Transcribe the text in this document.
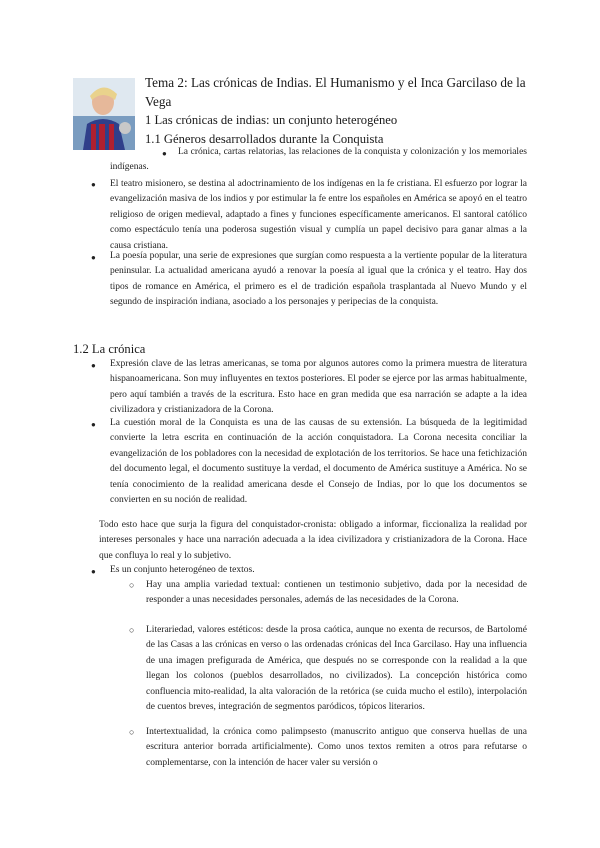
Tema 2: Las crónicas de Indias. El Humanismo y el Inca Garcilaso de la Vega
1 Las crónicas de indias: un conjunto heterogéneo
1.1 Géneros desarrollados durante la Conquista
●	La crónica, cartas relatorias, las relaciones de la conquista y colonización y los memoriales indígenas.
● El teatro misionero, se destina al adoctrinamiento de los indígenas en la fe cristiana. El esfuerzo por lograr la evangelización masiva de los indios y por estimular la fe entre los españoles en América se apoyó en el teatro religioso de origen medieval, adaptado a fines y funciones específicamente americanos. El santoral católico como espectáculo tenía una poderosa sugestión visual y cumplía un papel decisivo para ganar almas a la causa cristiana.
● La poesía popular, una serie de expresiones que surgían como respuesta a la vertiente popular de la literatura peninsular. La actualidad americana ayudó a renovar la poesía al igual que la crónica y el teatro. Hay dos tipos de romance en América, el primero es el de tradición española trasplantada al Nuevo Mundo y el segundo de inspiración indiana, asociado a los personajes y peripecias de la conquista.
1.2 La crónica
● Expresión clave de las letras americanas, se toma por algunos autores como la primera muestra de literatura hispanoamericana. Son muy influyentes en textos posteriores. El poder se ejerce por las armas habitualmente, pero aquí también a través de la escritura. Esto hace en gran medida que esa narración se adapte a la idea civilizadora y cristianizadora de la Corona.
● La cuestión moral de la Conquista es una de las causas de su extensión. La búsqueda de la legitimidad convierte la letra escrita en continuación de la acción conquistadora. La Corona necesita conciliar la evangelización de los pobladores con la necesidad de explotación de los territorios. Se hace una fetichización del documento legal, el documento sustituye la verdad, el documento de América sustituye a América. No se tenía conocimiento de la realidad americana desde el Consejo de Indias, por lo que los documentos se convierten en su noción de realidad.
Todo esto hace que surja la figura del conquistador-cronista: obligado a informar, ficcionaliza la realidad por intereses personales y hace una narración adecuada a la idea civilizadora y cristianizadora de la Corona. Hace que confluya lo real y lo subjetivo.
● Es un conjunto heterogéneo de textos.
○ Hay una amplia variedad textual: contienen un testimonio subjetivo, dada por la necesidad de responder a unas necesidades personales, además de las necesidades de la Corona.
○ Literariedad, valores estéticos: desde la prosa caótica, aunque no exenta de recursos, de Bartolomé de las Casas a las crónicas en verso o las ordenadas crónicas del Inca Garcilaso. Hay una influencia de una imagen prefigurada de América, que después no se corresponde con la realidad a la que llegan los colonos (pueblos desarrollados, no civilizados). La concepción histórica como confluencia mito-realidad, la alta valoración de la retórica (se cuida mucho el estilo), interpolación de cuentos breves, integración de segmentos paródicos, tópicos literarios.
○ Intertextualidad, la crónica como palimpsesto (manuscrito antiguo que conserva huellas de una escritura anterior borrada artificialmente). Como unos textos remiten a otros para refutarse o complementarse, con la intención de hacer valer su versión o
